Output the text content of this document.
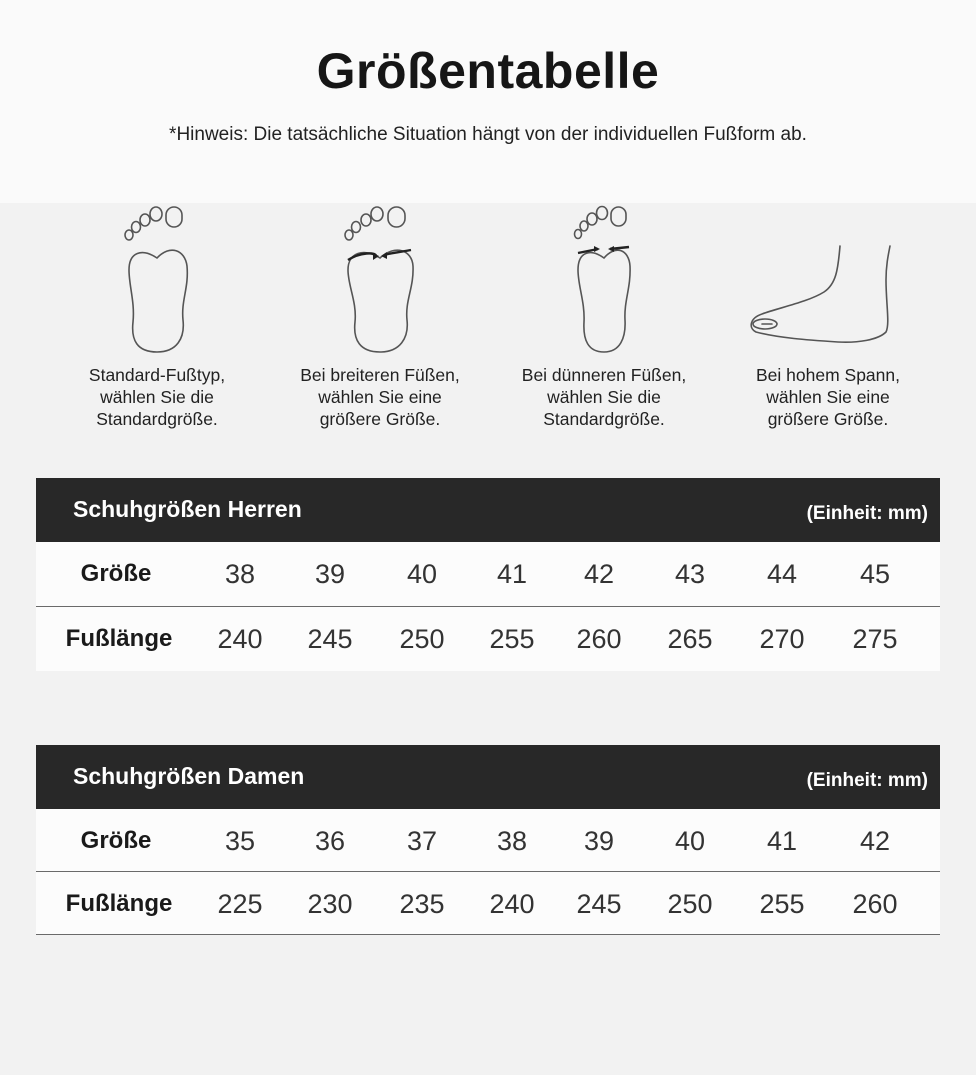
Größentabelle
*Hinweis: Die tatsächliche Situation hängt von der individuellen Fußform ab.
Standard-Fußtyp,
wählen Sie die
Standardgröße.
Bei breiteren Füßen,
wählen Sie eine
größere Größe.
Bei dünneren Füßen,
wählen Sie die
Standardgröße.
Bei hohem Spann,
wählen Sie eine
größere Größe.
Schuhgrößen Herren	(Einheit: mm)
Größe	38	39	40	41	42	43	44	45
Fußlänge	240	245	250	255	260	265	270	275
Schuhgrößen Damen	(Einheit: mm)
Größe	35	36	37	38	39	40	41	42
Fußlänge	225	230	235	240	245	250	255	260
